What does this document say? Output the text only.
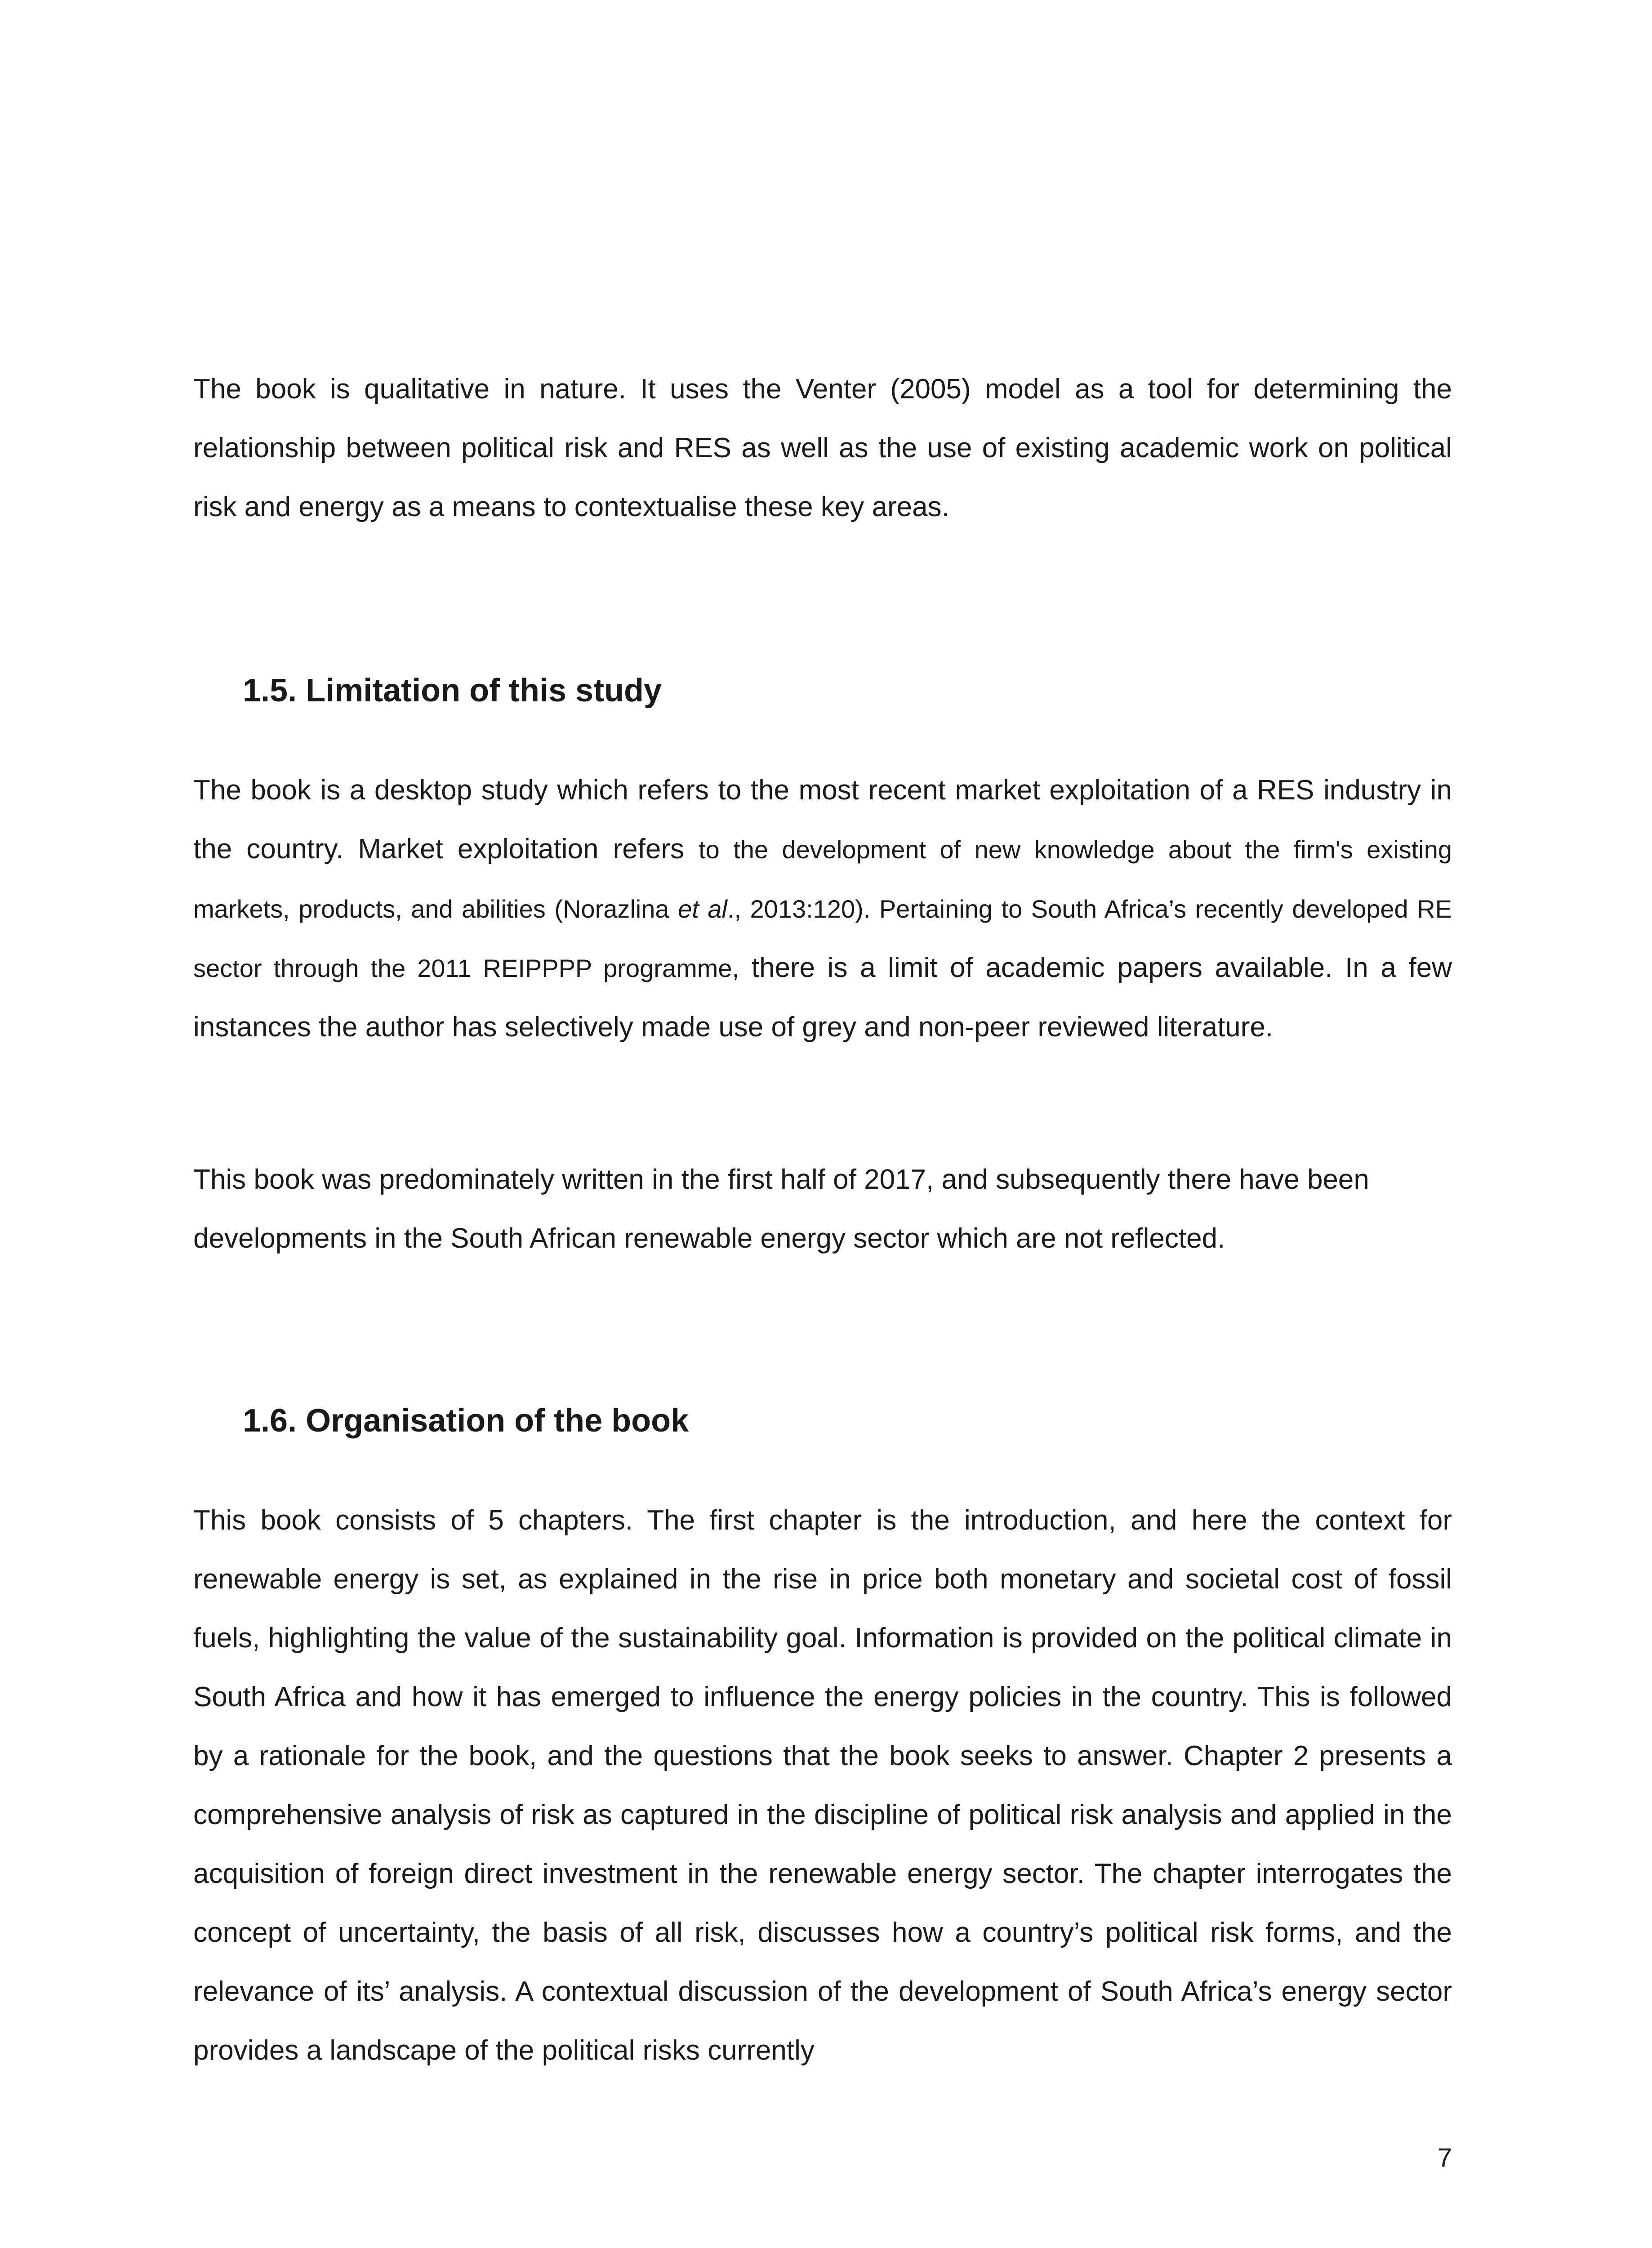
The book is qualitative in nature. It uses the Venter (2005) model as a tool for determining the relationship between political risk and RES as well as the use of existing academic work on political risk and energy as a means to contextualise these key areas.

1.5. Limitation of this study

The book is a desktop study which refers to the most recent market exploitation of a RES industry in the country. Market exploitation refers to the development of new knowledge about the firm's existing markets, products, and abilities (Norazlina et al., 2013:120). Pertaining to South Africa’s recently developed RE sector through the 2011 REIPPPP programme, there is a limit of academic papers available. In a few instances the author has selectively made use of grey and non-peer reviewed literature.

This book was predominately written in the first half of 2017, and subsequently there have been developments in the South African renewable energy sector which are not reflected.

1.6. Organisation of the book

This book consists of 5 chapters. The first chapter is the introduction, and here the context for renewable energy is set, as explained in the rise in price both monetary and societal cost of fossil fuels, highlighting the value of the sustainability goal. Information is provided on the political climate in South Africa and how it has emerged to influence the energy policies in the country. This is followed by a rationale for the book, and the questions that the book seeks to answer. Chapter 2 presents a comprehensive analysis of risk as captured in the discipline of political risk analysis and applied in the acquisition of foreign direct investment in the renewable energy sector. The chapter interrogates the concept of uncertainty, the basis of all risk, discusses how a country’s political risk forms, and the relevance of its’ analysis. A contextual discussion of the development of South Africa’s energy sector provides a landscape of the political risks currently

7
